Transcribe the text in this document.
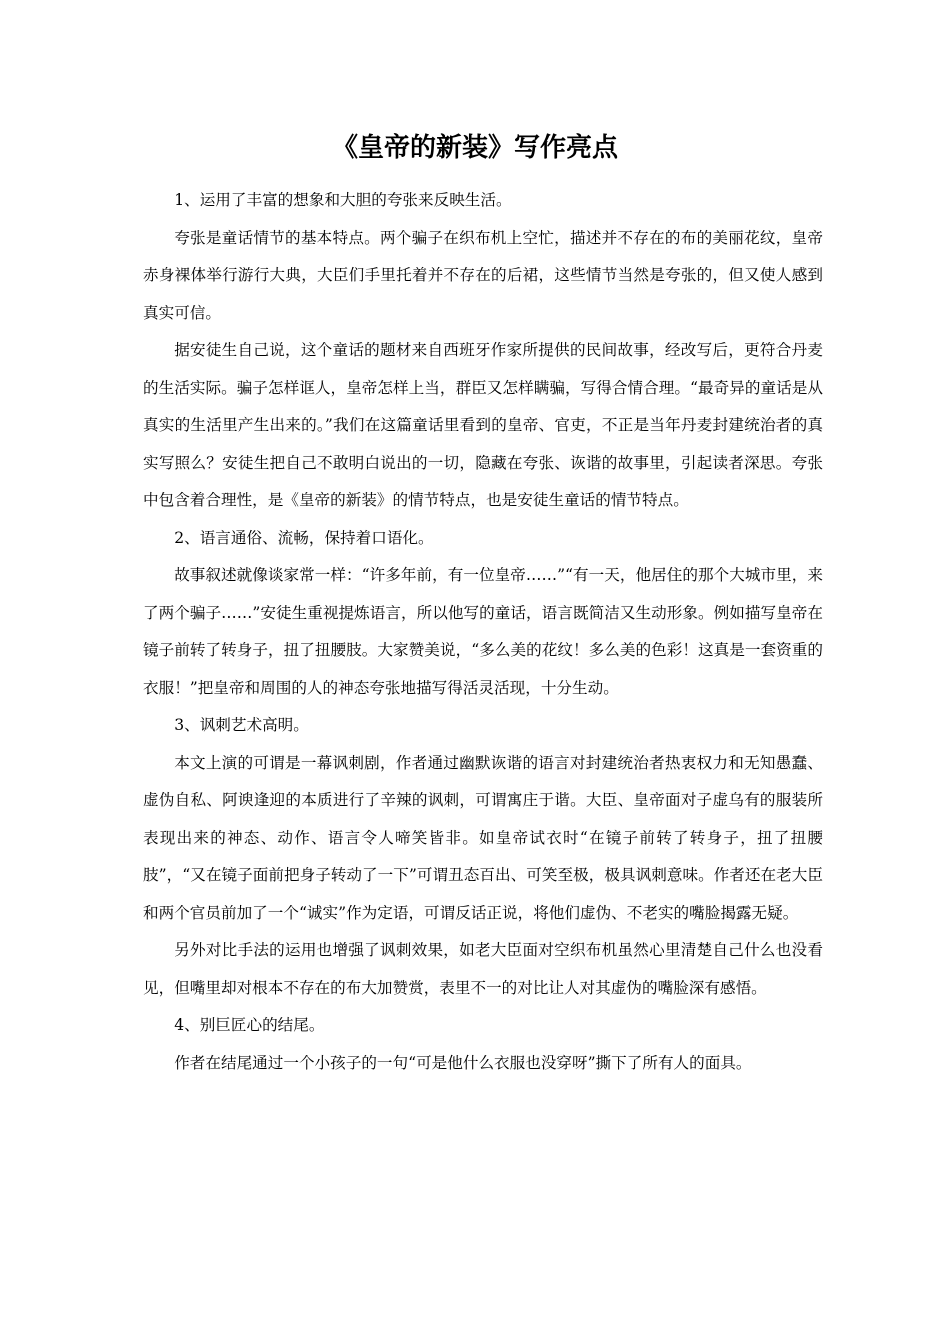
《皇帝的新装》写作亮点

1、运用了丰富的想象和大胆的夸张来反映生活。

夸张是童话情节的基本特点。两个骗子在织布机上空忙，描述并不存在的布的美丽花纹，皇帝赤身裸体举行游行大典，大臣们手里托着并不存在的后裙，这些情节当然是夸张的，但又使人感到真实可信。

据安徒生自己说，这个童话的题材来自西班牙作家所提供的民间故事，经改写后，更符合丹麦的生活实际。骗子怎样诓人，皇帝怎样上当，群臣又怎样瞒骗，写得合情合理。“最奇异的童话是从真实的生活里产生出来的。”我们在这篇童话里看到的皇帝、官吏，不正是当年丹麦封建统治者的真实写照么？安徒生把自己不敢明白说出的一切，隐藏在夸张、诙谐的故事里，引起读者深思。夸张中包含着合理性，是《皇帝的新装》的情节特点，也是安徒生童话的情节特点。

2、语言通俗、流畅，保持着口语化。

故事叙述就像谈家常一样：“许多年前，有一位皇帝……”“有一天，他居住的那个大城市里，来了两个骗子……”安徒生重视提炼语言，所以他写的童话，语言既简洁又生动形象。例如描写皇帝在镜子前转了转身子，扭了扭腰肢。大家赞美说，“多么美的花纹！多么美的色彩！这真是一套资重的衣服！”把皇帝和周围的人的神态夸张地描写得活灵活现，十分生动。

3、讽刺艺术高明。

本文上演的可谓是一幕讽刺剧，作者通过幽默诙谐的语言对封建统治者热衷权力和无知愚蠢、虚伪自私、阿谀逢迎的本质进行了辛辣的讽刺，可谓寓庄于谐。大臣、皇帝面对子虚乌有的服装所表现出来的神态、动作、语言令人啼笑皆非。如皇帝试衣时“在镜子前转了转身子，扭了扭腰肢”，“又在镜子面前把身子转动了一下”可谓丑态百出、可笑至极，极具讽刺意味。作者还在老大臣和两个官员前加了一个“诚实”作为定语，可谓反话正说，将他们虚伪、不老实的嘴脸揭露无疑。

另外对比手法的运用也增强了讽刺效果，如老大臣面对空织布机虽然心里清楚自己什么也没看见，但嘴里却对根本不存在的布大加赞赏，表里不一的对比让人对其虚伪的嘴脸深有感悟。

4、别巨匠心的结尾。

作者在结尾通过一个小孩子的一句“可是他什么衣服也没穿呀”撕下了所有人的面具。
